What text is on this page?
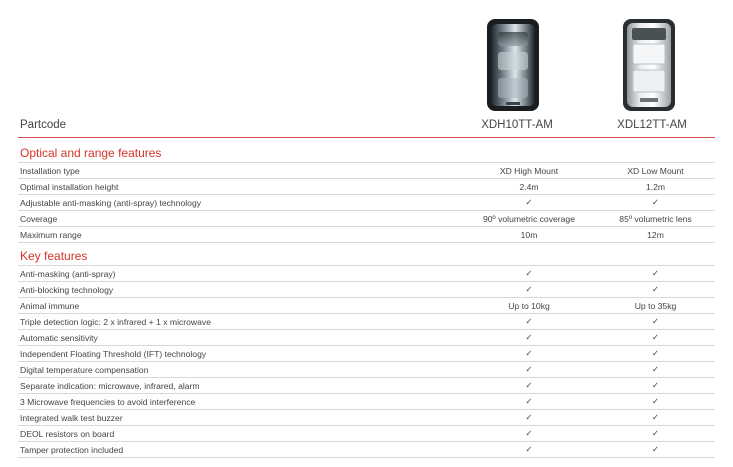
Partcode	XDH10TT-AM	XDL12TT-AM
Optical and range features
Installation type	XD High Mount	XD Low Mount
Optimal installation height	2.4m	1.2m
Adjustable anti-masking (anti-spray) technology	✓	✓
Coverage	90º volumetric coverage	85º volumetric lens
Maximum range	10m	12m
Key features
Anti-masking (anti-spray)	✓	✓
Anti-blocking technology	✓	✓
Animal immune	Up to 10kg	Up to 35kg
Triple detection logic: 2 x infrared + 1 x microwave	✓	✓
Automatic sensitivity	✓	✓
Independent Floating Threshold (IFT) technology	✓	✓
Digital temperature compensation	✓	✓
Separate indication: microwave, infrared, alarm	✓	✓
3 Microwave frequencies to avoid interference	✓	✓
Integrated walk test buzzer	✓	✓
DEOL resistors on board	✓	✓
Tamper protection included	✓	✓
